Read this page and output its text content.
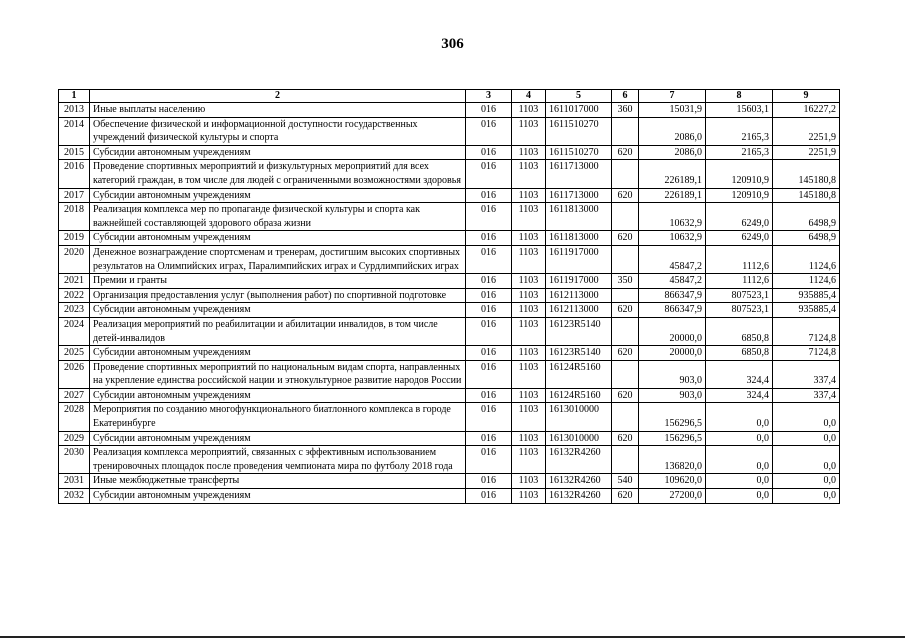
306
1	2	3	4	5	6	7	8	9
2013	Иные выплаты населению	016	1103	1611017000	360	15031,9	15603,1	16227,2
2014	Обеспечение физической и информационной доступности государственных учреждений физической культуры и спорта	016	1103	1611510270		2086,0	2165,3	2251,9
2015	Субсидии автономным учреждениям	016	1103	1611510270	620	2086,0	2165,3	2251,9
2016	Проведение спортивных мероприятий и физкультурных мероприятий для всех категорий граждан, в том числе для людей с ограниченными возможностями здоровья	016	1103	1611713000		226189,1	120910,9	145180,8
2017	Субсидии автономным учреждениям	016	1103	1611713000	620	226189,1	120910,9	145180,8
2018	Реализация комплекса мер по пропаганде физической культуры и спорта как важнейшей составляющей здорового образа жизни	016	1103	1611813000		10632,9	6249,0	6498,9
2019	Субсидии автономным учреждениям	016	1103	1611813000	620	10632,9	6249,0	6498,9
2020	Денежное вознаграждение спортсменам и тренерам, достигшим высоких спортивных результатов на Олимпийских играх, Паралимпийских играх и Сурдлимпийских играх	016	1103	1611917000		45847,2	1112,6	1124,6
2021	Премии и гранты	016	1103	1611917000	350	45847,2	1112,6	1124,6
2022	Организация предоставления услуг (выполнения работ) по спортивной подготовке	016	1103	1612113000		866347,9	807523,1	935885,4
2023	Субсидии автономным учреждениям	016	1103	1612113000	620	866347,9	807523,1	935885,4
2024	Реализация мероприятий по реабилитации и абилитации инвалидов, в том числе детей-инвалидов	016	1103	16123R5140		20000,0	6850,8	7124,8
2025	Субсидии автономным учреждениям	016	1103	16123R5140	620	20000,0	6850,8	7124,8
2026	Проведение спортивных мероприятий по национальным видам спорта, направленных на укрепление единства российской нации и этнокультурное развитие народов России	016	1103	16124R5160		903,0	324,4	337,4
2027	Субсидии автономным учреждениям	016	1103	16124R5160	620	903,0	324,4	337,4
2028	Мероприятия по созданию многофункционального биатлонного комплекса в городе Екатеринбурге	016	1103	1613010000		156296,5	0,0	0,0
2029	Субсидии автономным учреждениям	016	1103	1613010000	620	156296,5	0,0	0,0
2030	Реализация комплекса мероприятий, связанных с эффективным использованием тренировочных площадок после проведения чемпионата мира по футболу 2018 года	016	1103	16132R4260		136820,0	0,0	0,0
2031	Иные межбюджетные трансферты	016	1103	16132R4260	540	109620,0	0,0	0,0
2032	Субсидии автономным учреждениям	016	1103	16132R4260	620	27200,0	0,0	0,0
